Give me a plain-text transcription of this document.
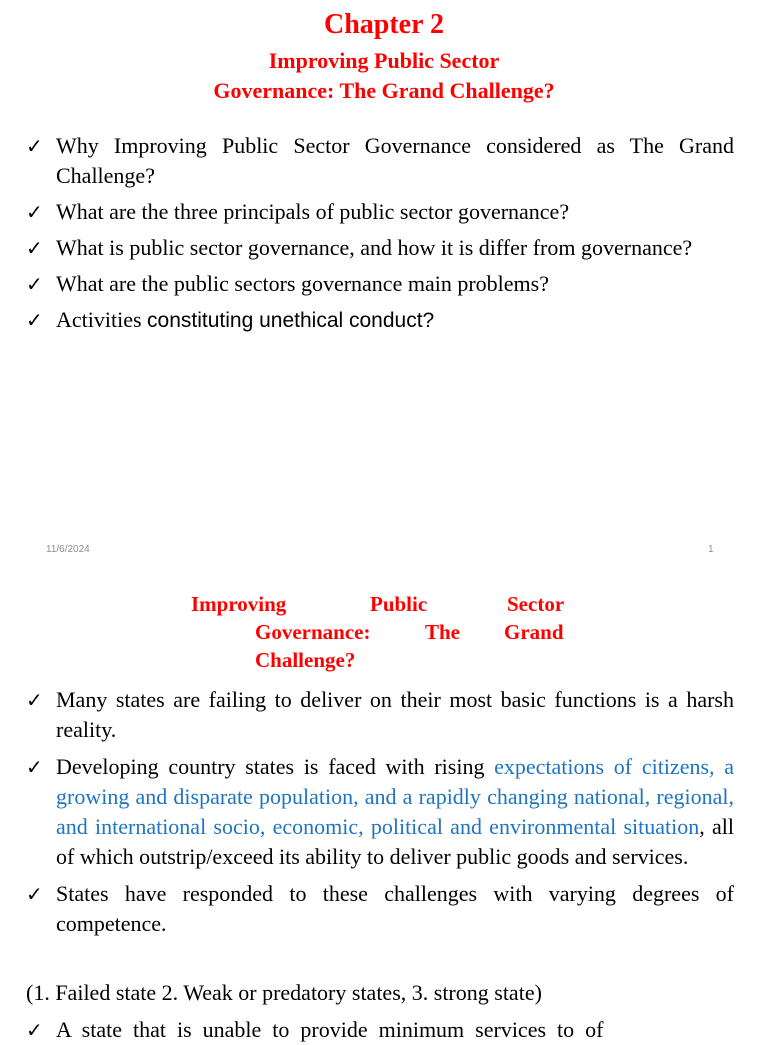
Chapter 2
Improving Public Sector
Governance: The Grand Challenge?
✓ Why Improving Public Sector Governance considered as The Grand Challenge?
✓ What are the three principals of public sector governance?
✓ What is public sector governance, and how it is differ from governance?
✓ What are the public sectors governance main problems?
✓ Activities constituting unethical conduct?
11/6/2024	1
Improving	Public	Sector
Governance:	The Grand
Challenge?
✓ Many states are failing to deliver on their most basic functions is a harsh reality.
✓ Developing country states is faced with rising expectations of citizens, a growing and disparate population, and a rapidly changing national, regional, and international socio, economic, political and environmental situation, all of which outstrip/exceed its ability to deliver public goods and services.
✓ States have responded to these challenges with varying degrees of competence.
(1. Failed state 2. Weak or predatory states, 3. strong state)
✓ A  state  that  is  unable  to  provide  minimum  services  to  of
